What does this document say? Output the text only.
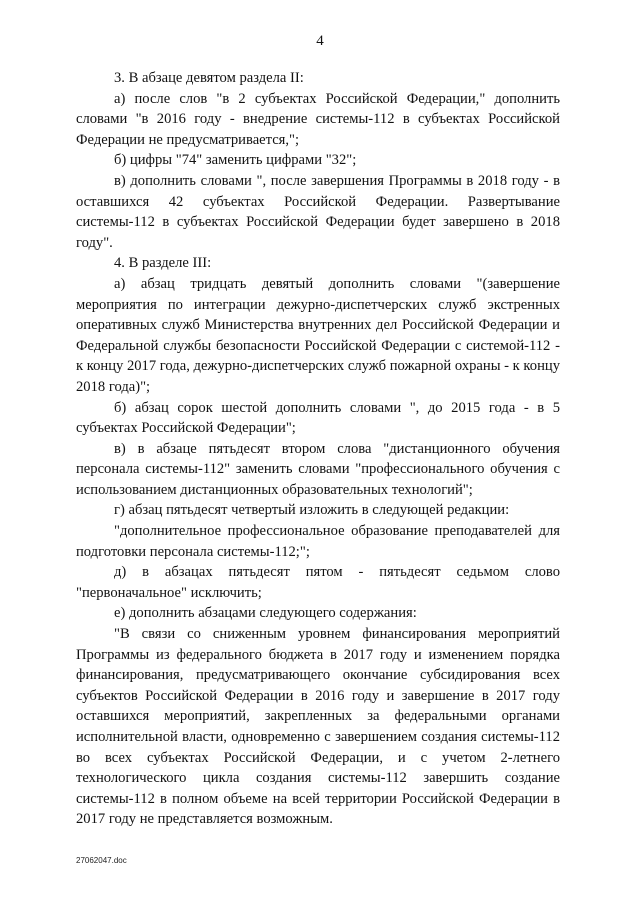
4

3. В абзаце девятом раздела II:

а) после слов "в 2 субъектах Российской Федерации," дополнить словами "в 2016 году - внедрение системы-112 в субъектах Российской Федерации не предусматривается,";

б) цифры "74" заменить цифрами "32";

в) дополнить словами ", после завершения Программы в 2018 году - в оставшихся 42 субъектах Российской Федерации. Развертывание системы-112 в субъектах Российской Федерации будет завершено в 2018 году".

4. В разделе III:

а) абзац тридцать девятый дополнить словами "(завершение мероприятия по интеграции дежурно-диспетчерских служб экстренных оперативных служб Министерства внутренних дел Российской Федерации и Федеральной службы безопасности Российской Федерации с системой-112 - к концу 2017 года, дежурно-диспетчерских служб пожарной охраны - к концу 2018 года)";

б) абзац сорок шестой дополнить словами ", до 2015 года - в 5 субъектах Российской Федерации";

в) в абзаце пятьдесят втором слова "дистанционного обучения персонала системы-112" заменить словами "профессионального обучения с использованием дистанционных образовательных технологий";

г) абзац пятьдесят четвертый изложить в следующей редакции:

"дополнительное профессиональное образование преподавателей для подготовки персонала системы-112;";

д) в абзацах пятьдесят пятом - пятьдесят седьмом слово "первоначальное" исключить;

е) дополнить абзацами следующего содержания:

"В связи со сниженным уровнем финансирования мероприятий Программы из федерального бюджета в 2017 году и изменением порядка финансирования, предусматривающего окончание субсидирования всех субъектов Российской Федерации в 2016 году и завершение в 2017 году оставшихся мероприятий, закрепленных за федеральными органами исполнительной власти, одновременно с завершением создания системы-112 во всех субъектах Российской Федерации, и с учетом 2-летнего технологического цикла создания системы-112 завершить создание системы-112 в полном объеме на всей территории Российской Федерации в 2017 году не представляется возможным.

27062047.doc
